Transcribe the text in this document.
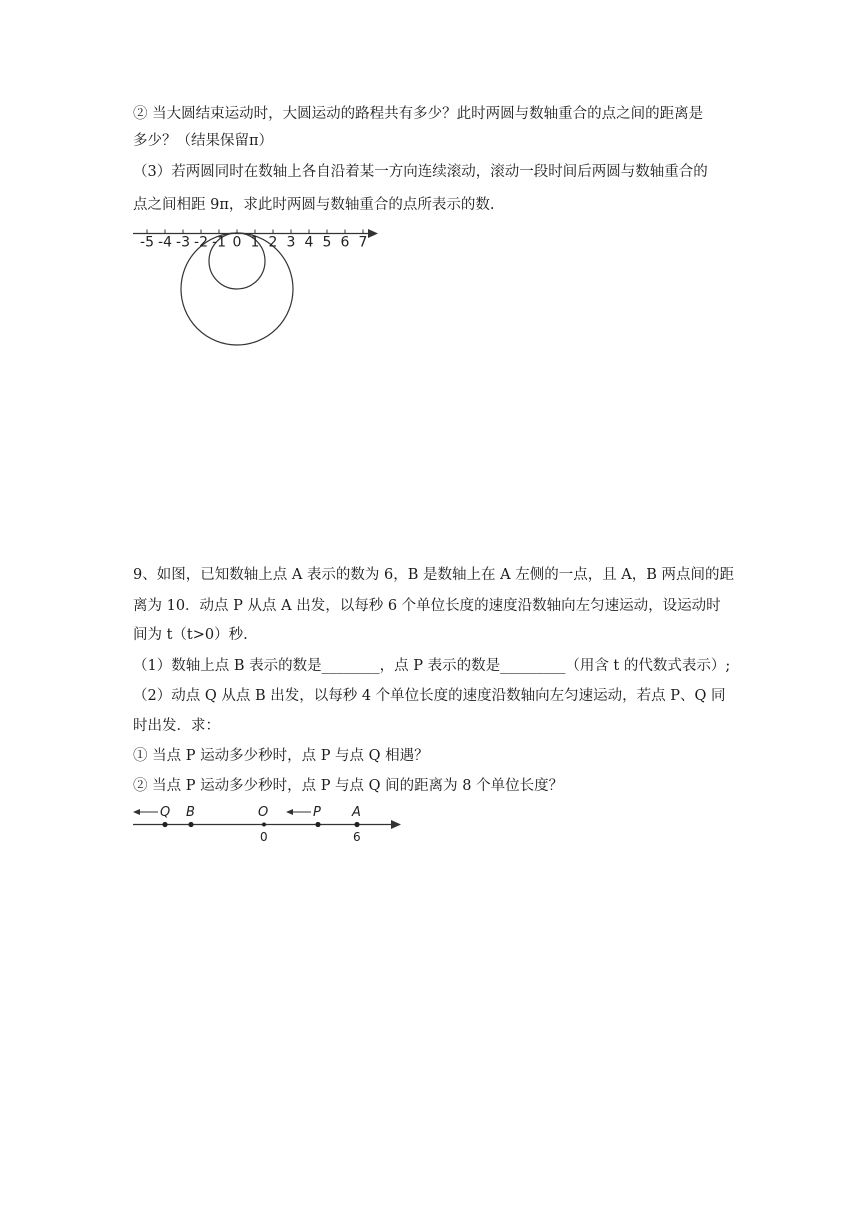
② 当大圆结束运动时，大圆运动的路程共有多少？此时两圆与数轴重合的点之间的距离是
多少？（结果保留π）
（3）若两圆同时在数轴上各自沿着某一方向连续滚动，滚动一段时间后两圆与数轴重合的
点之间相距 9π，求此时两圆与数轴重合的点所表示的数.
-5 -4 -3 -2 -1 0 1 2 3 4 5 6 7
9、如图，已知数轴上点 A 表示的数为 6，B 是数轴上在 A 左侧的一点，且 A，B 两点间的距
离为 10．动点 P 从点 A 出发，以每秒 6 个单位长度的速度沿数轴向左匀速运动，设运动时
间为 t（t>0）秒.
（1）数轴上点 B 表示的数是________，点 P 表示的数是_________（用含 t 的代数式表示）;
（2）动点 Q 从点 B 出发，以每秒 4 个单位长度的速度沿数轴向左匀速运动，若点 P、Q 同
时出发．求：
① 当点 P 运动多少秒时，点 P 与点 Q 相遇？
② 当点 P 运动多少秒时，点 P 与点 Q 间的距离为 8 个单位长度？
Q B	O
0
P A
6
